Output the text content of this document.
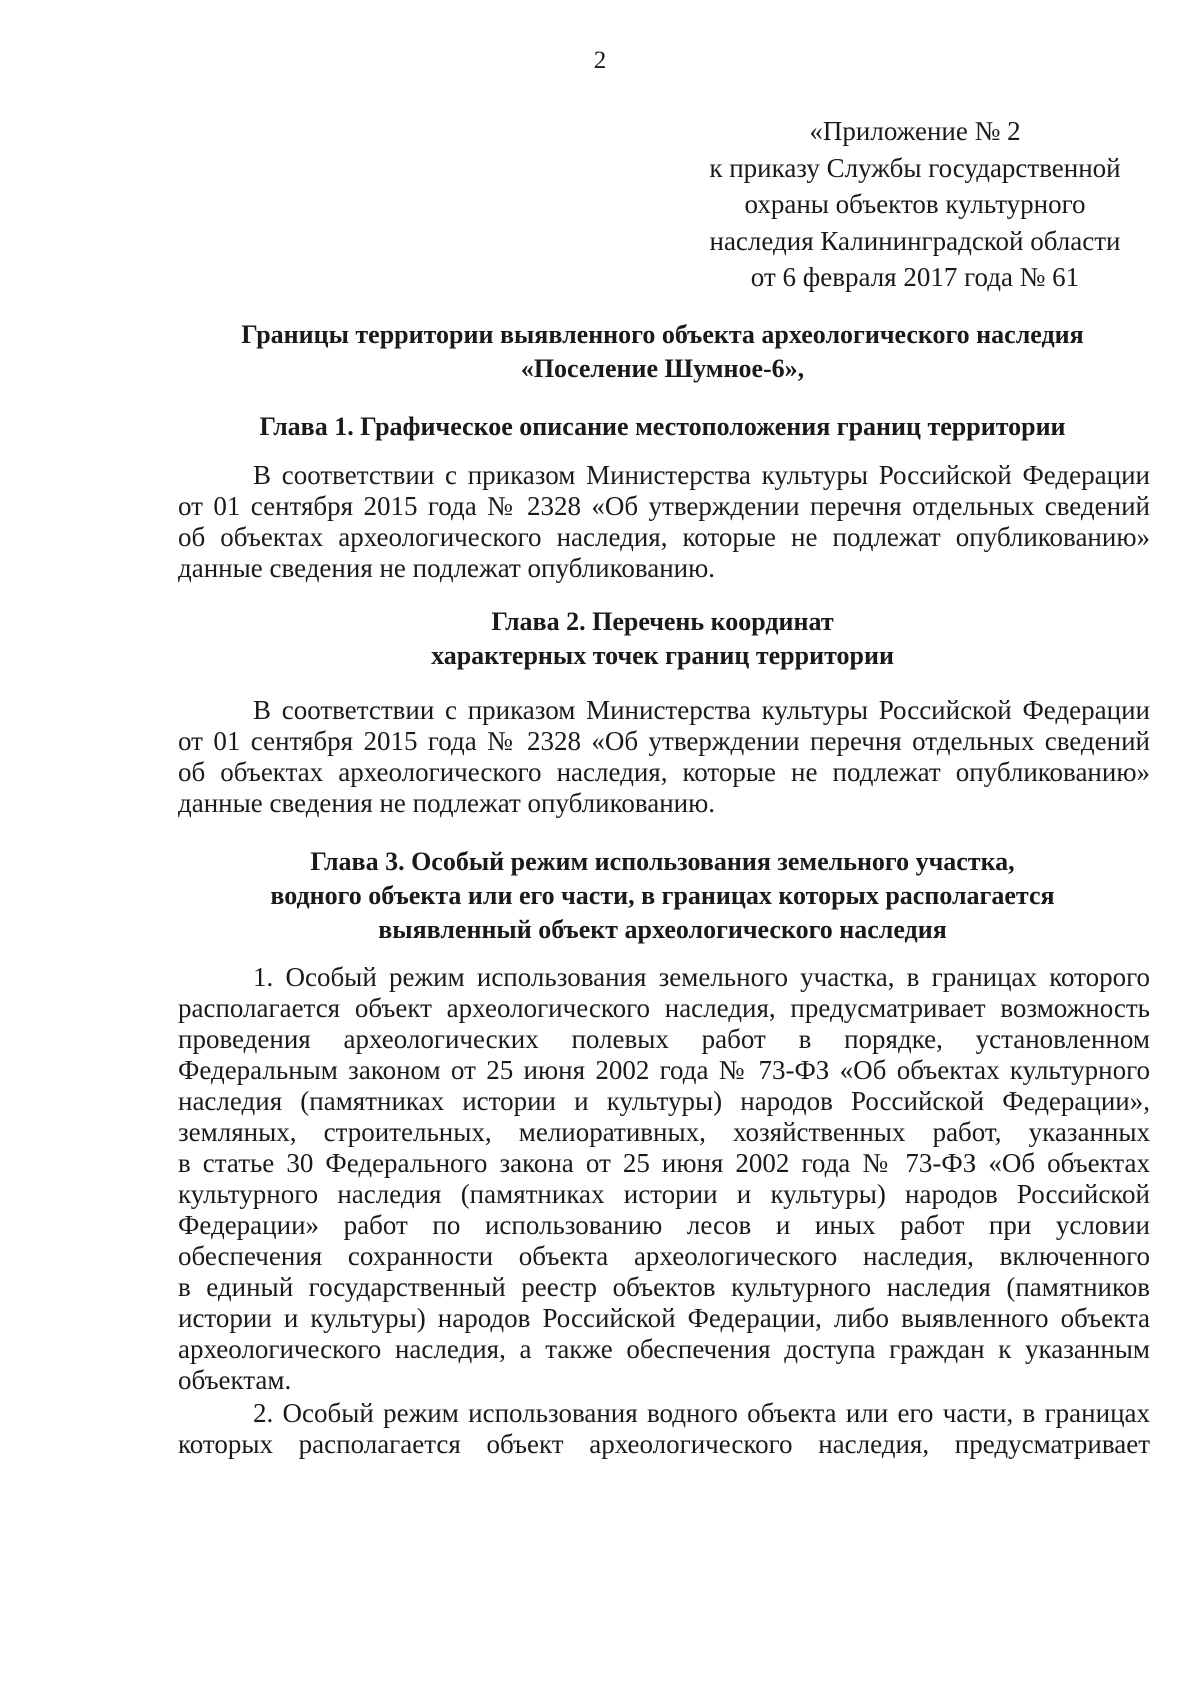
2
«Приложение № 2
к приказу Службы государственной
охраны объектов культурного
наследия Калининградской области
от 6 февраля 2017 года № 61
Границы территории выявленного объекта археологического наследия
«Поселение Шумное-6»,
Глава 1. Графическое описание местоположения границ территории
В соответствии с приказом Министерства культуры Российской Федерации
от 01 сентября 2015 года № 2328 «Об утверждении перечня отдельных сведений
об объектах археологического наследия, которые не подлежат опубликованию»
данные сведения не подлежат опубликованию.
Глава 2. Перечень координат
характерных точек границ территории
В соответствии с приказом Министерства культуры Российской Федерации
от 01 сентября 2015 года № 2328 «Об утверждении перечня отдельных сведений
об объектах археологического наследия, которые не подлежат опубликованию»
данные сведения не подлежат опубликованию.
Глава 3. Особый режим использования земельного участка,
водного объекта или его части, в границах которых располагается
выявленный объект археологического наследия
1. Особый режим использования земельного участка, в границах которого
располагается объект археологического наследия, предусматривает возможность
проведения археологических полевых работ в порядке, установленном
Федеральным законом от 25 июня 2002 года № 73-ФЗ «Об объектах культурного
наследия (памятниках истории и культуры) народов Российской Федерации»,
земляных, строительных, мелиоративных, хозяйственных работ, указанных
в статье 30 Федерального закона от 25 июня 2002 года № 73-ФЗ «Об объектах
культурного наследия (памятниках истории и культуры) народов Российской
Федерации» работ по использованию лесов и иных работ при условии
обеспечения сохранности объекта археологического наследия, включенного
в единый государственный реестр объектов культурного наследия (памятников
истории и культуры) народов Российской Федерации, либо выявленного объекта
археологического наследия, а также обеспечения доступа граждан к указанным
объектам.
2. Особый режим использования водного объекта или его части, в границах
которых располагается объект археологического наследия, предусматривает
